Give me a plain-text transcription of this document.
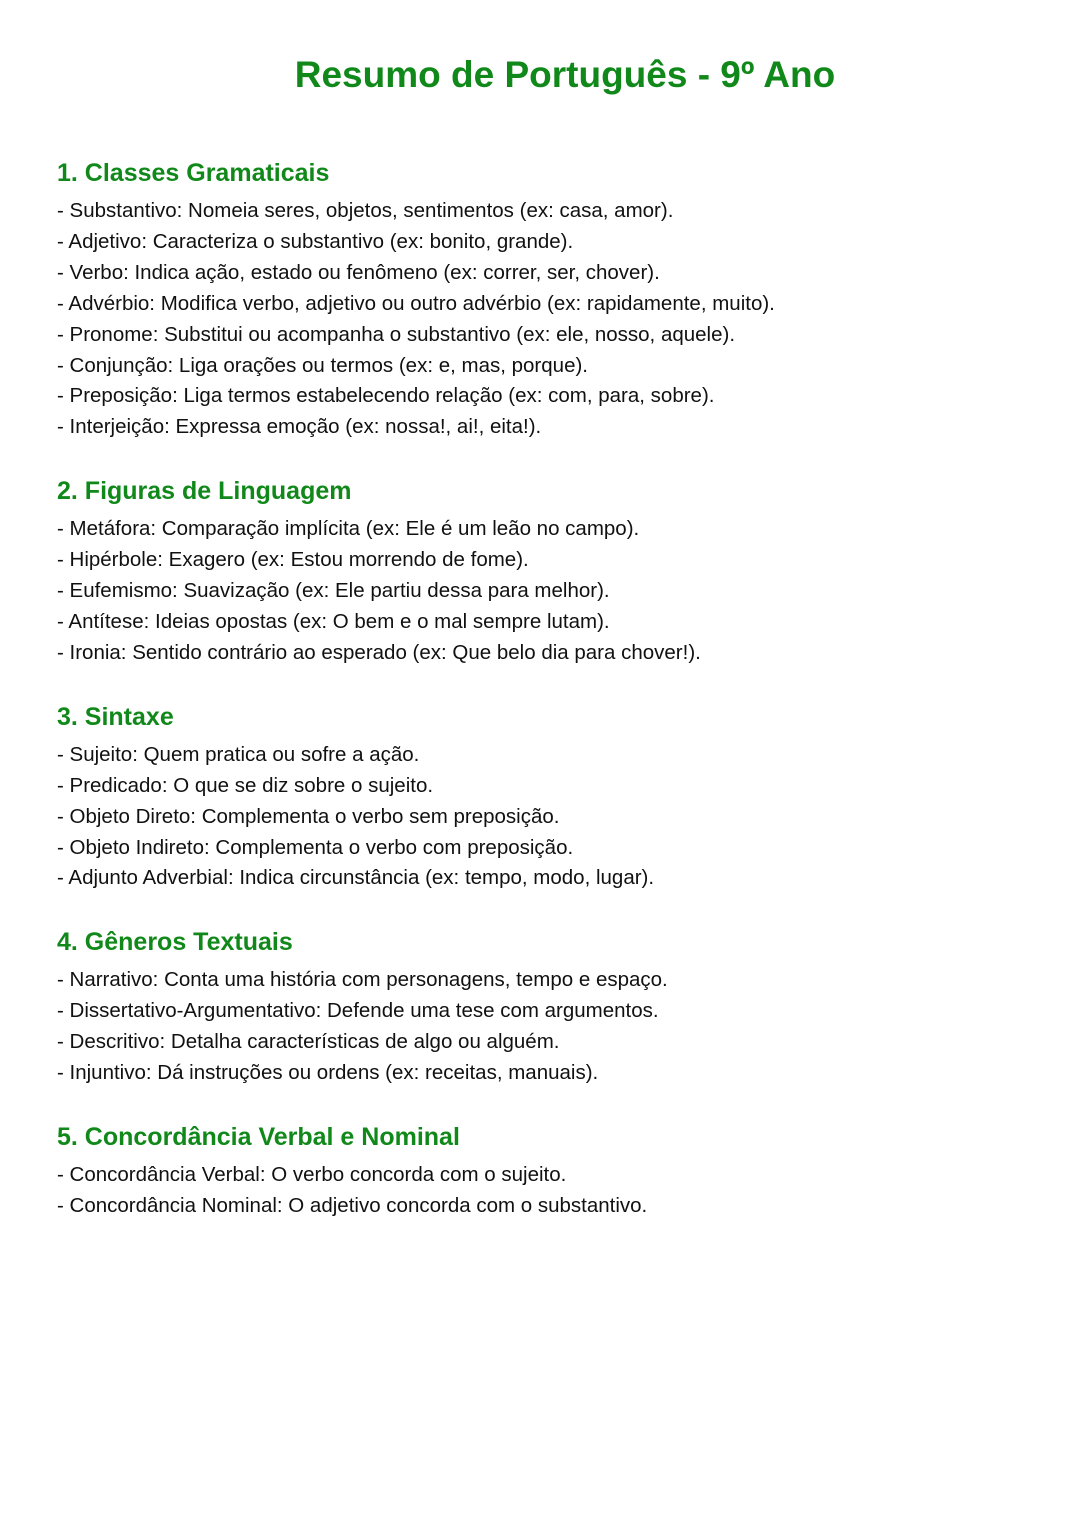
Resumo de Português - 9º Ano
1. Classes Gramaticais
- Substantivo: Nomeia seres, objetos, sentimentos (ex: casa, amor).
- Adjetivo: Caracteriza o substantivo (ex: bonito, grande).
- Verbo: Indica ação, estado ou fenômeno (ex: correr, ser, chover).
- Advérbio: Modifica verbo, adjetivo ou outro advérbio (ex: rapidamente, muito).
- Pronome: Substitui ou acompanha o substantivo (ex: ele, nosso, aquele).
- Conjunção: Liga orações ou termos (ex: e, mas, porque).
- Preposição: Liga termos estabelecendo relação (ex: com, para, sobre).
- Interjeição: Expressa emoção (ex: nossa!, ai!, eita!).
2. Figuras de Linguagem
- Metáfora: Comparação implícita (ex: Ele é um leão no campo).
- Hipérbole: Exagero (ex: Estou morrendo de fome).
- Eufemismo: Suavização (ex: Ele partiu dessa para melhor).
- Antítese: Ideias opostas (ex: O bem e o mal sempre lutam).
- Ironia: Sentido contrário ao esperado (ex: Que belo dia para chover!).
3. Sintaxe
- Sujeito: Quem pratica ou sofre a ação.
- Predicado: O que se diz sobre o sujeito.
- Objeto Direto: Complementa o verbo sem preposição.
- Objeto Indireto: Complementa o verbo com preposição.
- Adjunto Adverbial: Indica circunstância (ex: tempo, modo, lugar).
4. Gêneros Textuais
- Narrativo: Conta uma história com personagens, tempo e espaço.
- Dissertativo-Argumentativo: Defende uma tese com argumentos.
- Descritivo: Detalha características de algo ou alguém.
- Injuntivo: Dá instruções ou ordens (ex: receitas, manuais).
5. Concordância Verbal e Nominal
- Concordância Verbal: O verbo concorda com o sujeito.
- Concordância Nominal: O adjetivo concorda com o substantivo.
